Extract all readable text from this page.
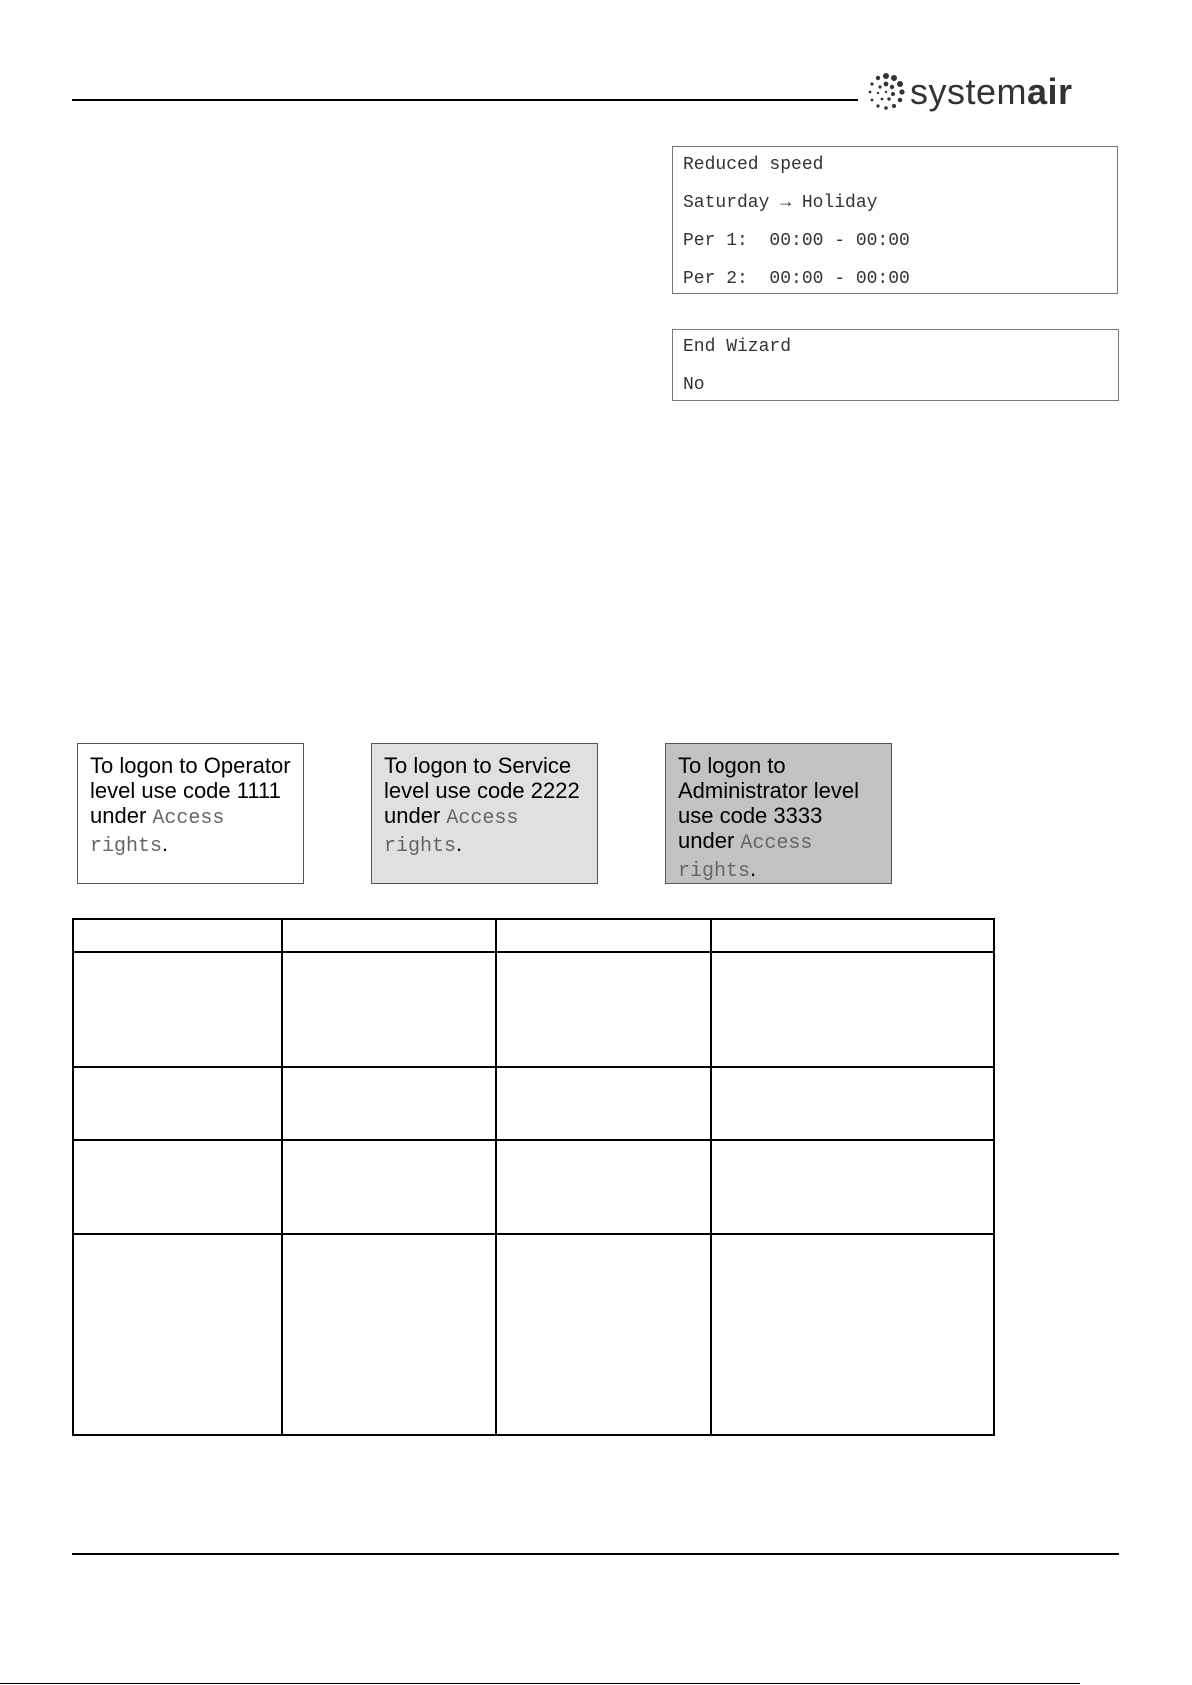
systemair
Reduced speed
Saturday → Holiday
Per 1:  00:00 - 00:00
Per 2:  00:00 - 00:00
End Wizard
No
To logon to Operator level use code 1111 under Access rights.
To logon to Service level use code 2222 under Access rights.
To logon to Administrator level use code 3333 under Access rights.
